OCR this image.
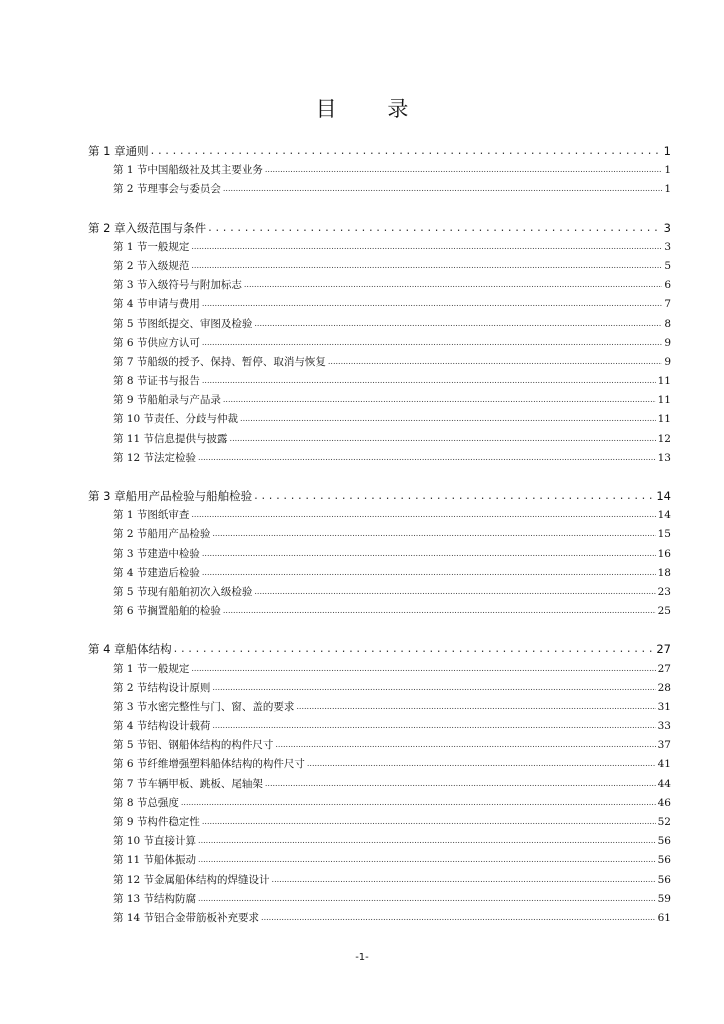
目 录
第 1 章 通则 . . .	1
第 1 节 中国船级社及其主要业务 .....	1
第 2 节 理事会与委员会 .....	1
第 2 章 入级范围与条件 . . .	3
第 1 节 一般规定 .....	3
第 2 节 入级规范 .....	5
第 3 节 入级符号与附加标志 .....	6
第 4 节 申请与费用 .....	7
第 5 节 图纸提交、审图及检验 .....	8
第 6 节 供应方认可 .....	9
第 7 节 船级的授予、保持、暂停、取消与恢复 .....	9
第 8 节 证书与报告 .....	11
第 9 节 船舶录与产品录 .....	11
第 10 节 责任、分歧与仲裁 .....	11
第 11 节 信息提供与披露 .....	12
第 12 节 法定检验 .....	13
第 3 章 船用产品检验与船舶检验 . . .	14
第 1 节 图纸审查 .....	14
第 2 节 船用产品检验 .....	15
第 3 节 建造中检验 .....	16
第 4 节 建造后检验 .....	18
第 5 节 现有船舶初次入级检验 .....	23
第 6 节 搁置船舶的检验 .....	25
第 4 章 船体结构 . . .	27
第 1 节 一般规定 .....	27
第 2 节 结构设计原则 .....	28
第 3 节 水密完整性与门、窗、盖的要求 .....	31
第 4 节 结构设计载荷 .....	33
第 5 节 铝、钢船体结构的构件尺寸 .....	37
第 6 节 纤维增强塑料船体结构的构件尺寸 .....	41
第 7 节 车辆甲板、跳板、尾轴架 .....	44
第 8 节 总强度 .....	46
第 9 节 构件稳定性 .....	52
第 10 节 直接计算 .....	56
第 11 节 船体振动 .....	56
第 12 节 金属船体结构的焊缝设计 .....	56
第 13 节 结构防腐 .....	59
第 14 节 铝合金带筋板补充要求 .....	61
-1-
